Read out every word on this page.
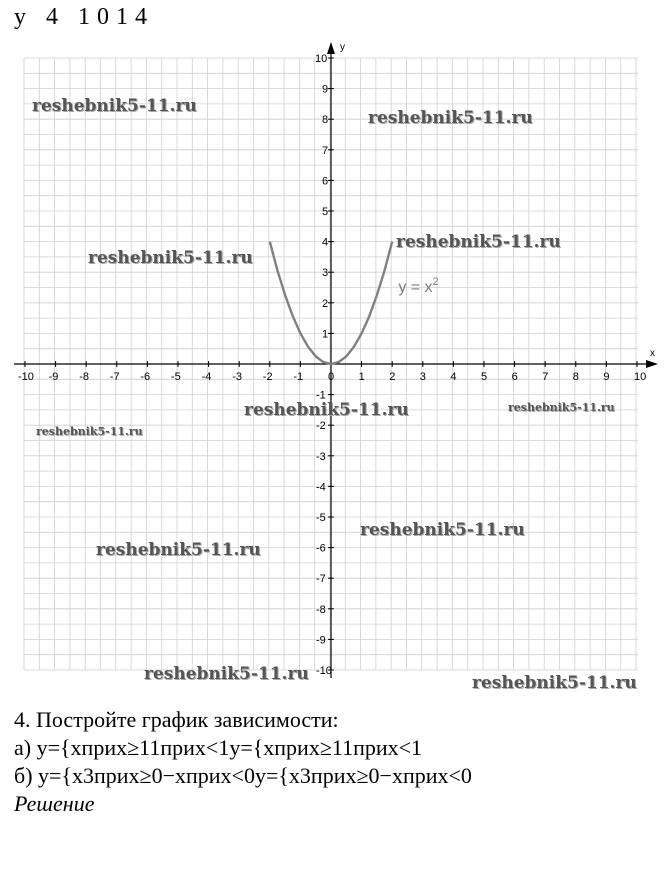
y 4 1014
x
y
-10 -9 -8 -7 -6 -5 -4 -3 -2 -1 0 1 2 3 4 5 6 7 8 9 10
-10
-9
-8
-7
-6
-5
-4
-3
-2
-1
1
2
3
4
5
6
7
8
9
10
$y = x^2$
reshebnik5-11.ru
reshebnik5-11.ru
reshebnik5-11.ru
reshebnik5-11.ru
reshebnik5-11.ru	reshebnik5-11.ru
reshebnik5-11.ru
reshebnik5-11.ru
reshebnik5-11.ru
reshebnik5-11.ru	reshebnik5-11.ru
4. Постройте график зависимости:
а) y={xприх≥11прих<1y={xприх≥11прих<1
б) y={x3прих≥0−xприх<0y={x3прих≥0−xприх<0
Решение
